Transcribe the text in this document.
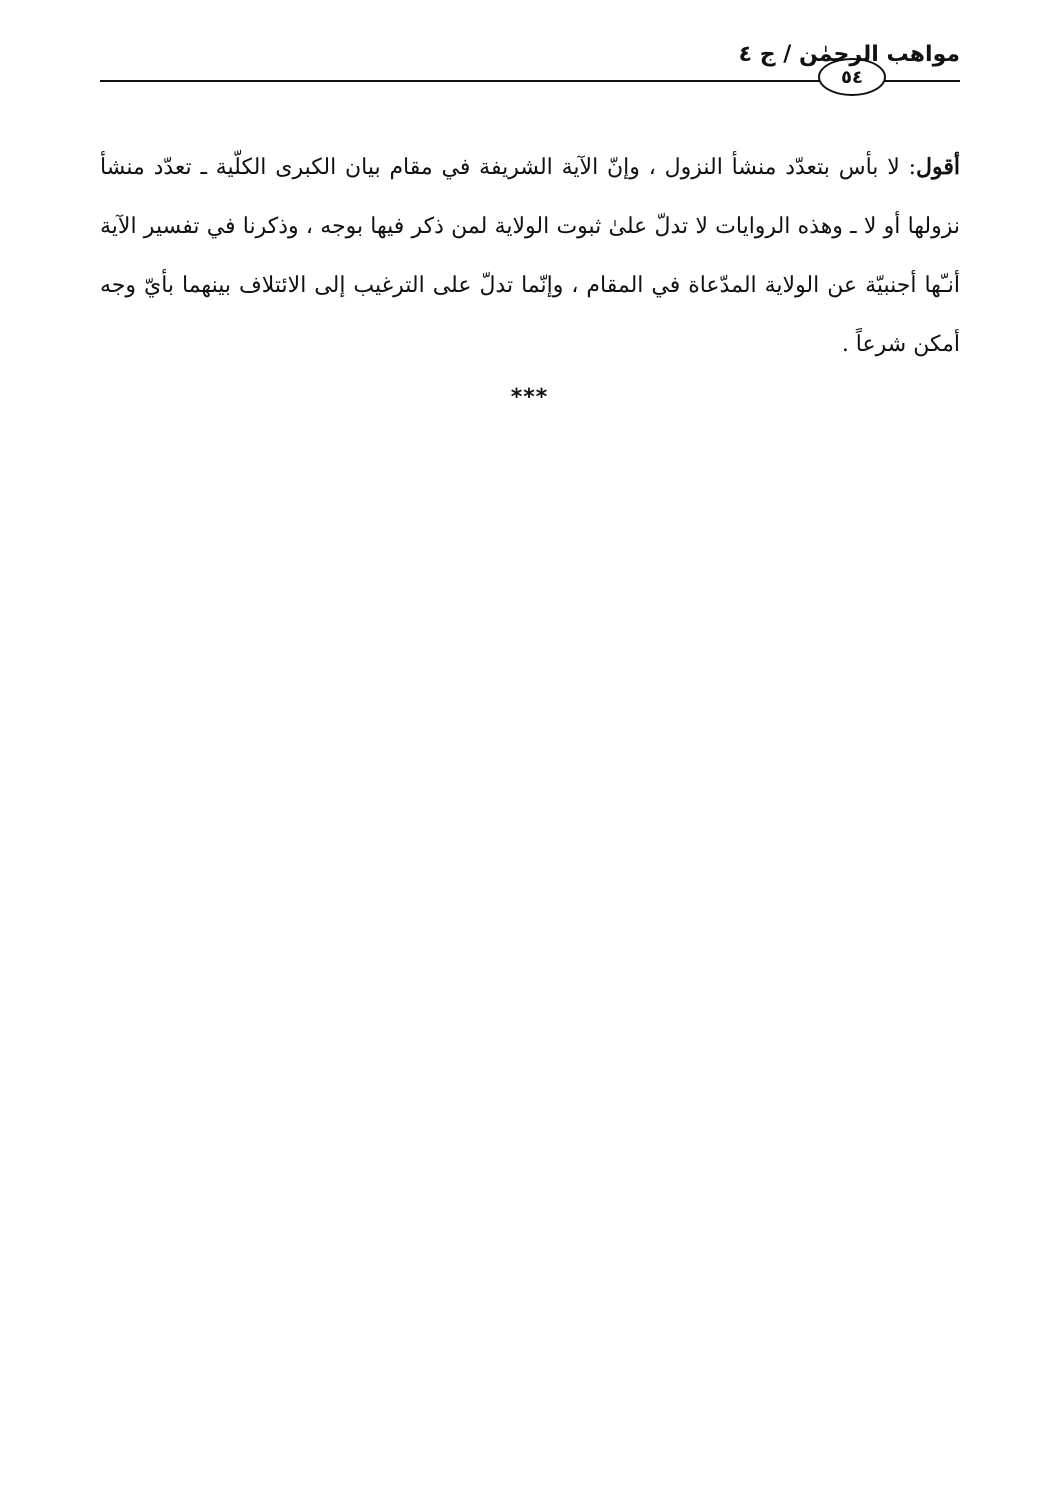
٥٤
مواهب الرحمٰن / ج ٤

أقول: لا بأس بتعدّد منشأ النزول ، وإنّ الآية الشريفة في مقام بيان الكبرى الكلّية ـ تعدّد منشأ نزولها أو لا ـ وهذه الروايات لا تدلّ علىٰ ثبوت الولاية لمن ذكر فيها بوجه ، وذكرنا في تفسير الآية أنـّها أجنبيّة عن الولاية المدّعاة في المقام ، وإنّما تدلّ على الترغيب إلى الائتلاف بينهما بأيّ وجه أمكن شرعاً .

***
